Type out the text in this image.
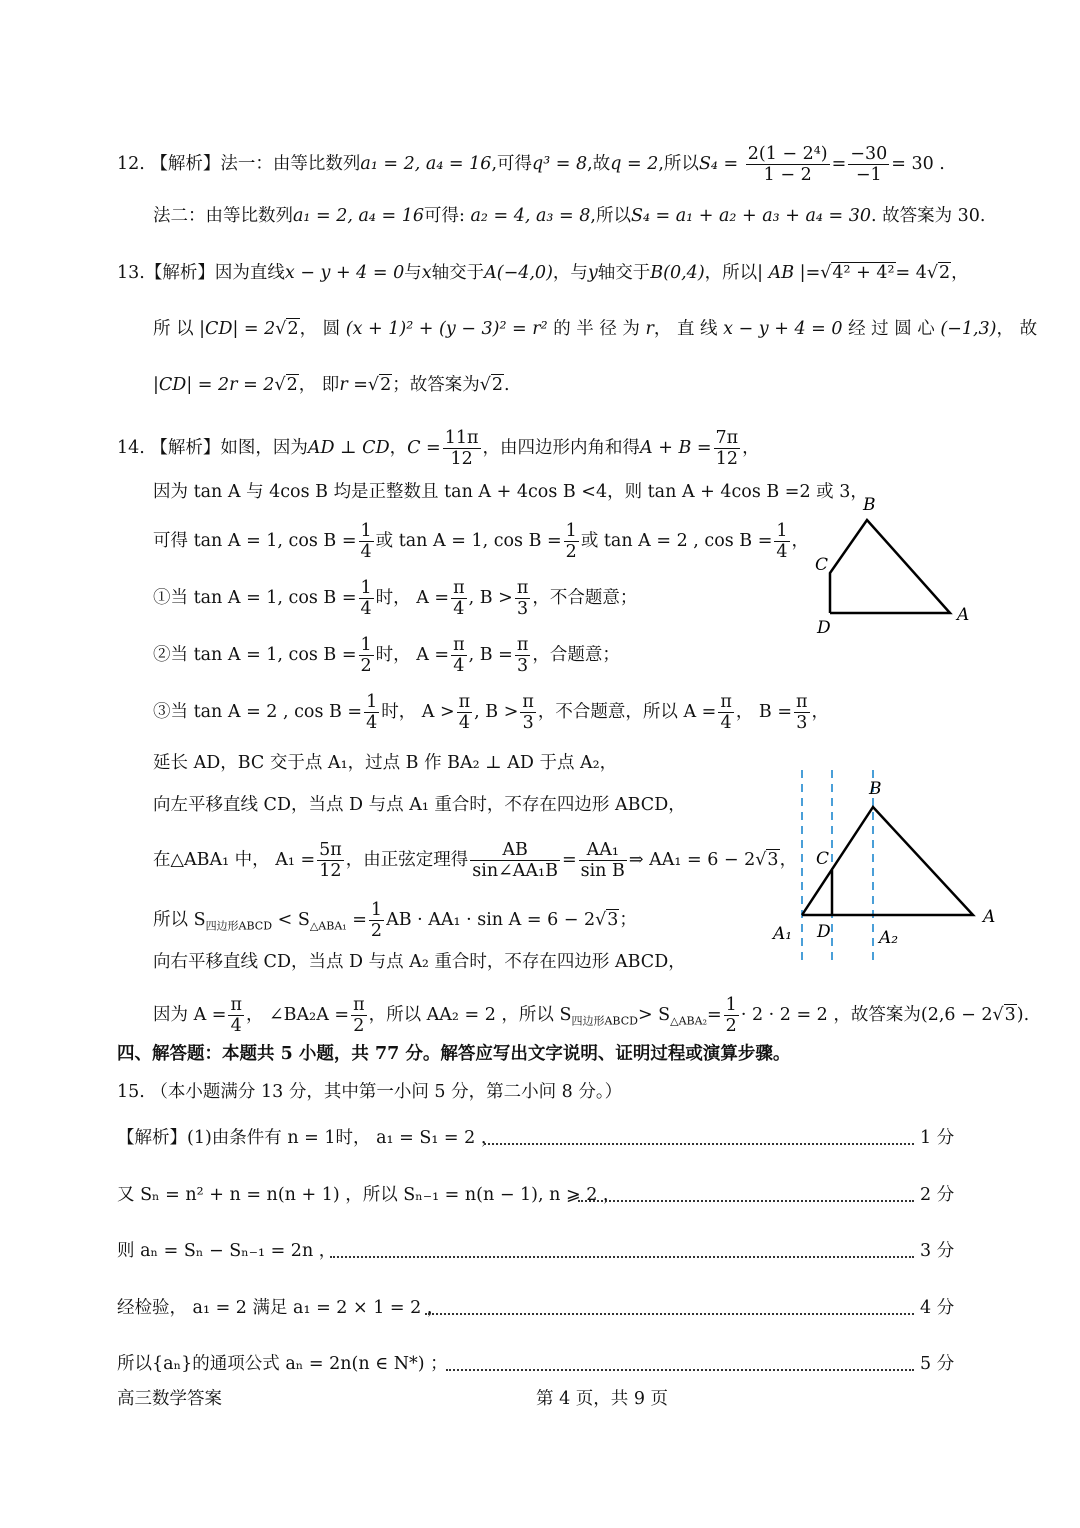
12. 【解析】法一：由等比数列a₁ = 2, a₄ = 16,可得q³ = 8,故q = 2,所以$S_4 = \frac{\text{2(1 − 2⁴)}}{1 - 2} = \frac{-30}{-1} = 30$ .
法二：由等比数列a₁ = 2, a₄ = 16可得: a₂ = 4, a₃ = 8,所以S₄ = a₁ + a₂ + a₃ + a₄ = 30. 故答案为 30.
13.【解析】因为直线x − y + 4 = 0与x轴交于A(−4,0)，与y轴交于B(0,4)，所以| AB |=√4² + 4²= 4√2，
所 以 |CD| = 2√2， 圆 (x + 1)² + (y − 3)² = r² 的 半 径 为 r， 直 线 x − y + 4 = 0 经 过 圆 心 (−1,3)， 故
|CD| = 2r = 2√2， 即r =√2；故答案为√2.
14. 【解析】如图，因为AD ⊥ CD，$C = \frac{11\pi}{12}$ ，由四边形内角和得$A + B = \frac{7\pi}{12}$ ，
因为 tan A 与 4cos B 均是正整数且 tan A + 4cos B <4，则 tan A + 4cos B =2 或 3，
可得 tan A = 1, $\cos B = \frac{1}{4}$ 或 tan A = 1, $\cos B = \frac{1}{2}$ 或 tan A = 2 , $\cos B = \frac{1}{4}$ ，
①当 tan A = 1, $\cos B = \frac{1}{4}$ 时， $A = \frac{\pi}{4}$ , $B > \frac{\pi}{3}$ ，不合题意；
②当 tan A = 1, $\cos B = \frac{1}{2}$ 时， $A = \frac{\pi}{4}$ , $B = \frac{\pi}{3}$ ，合题意；
③当 tan A = 2 , $\cos B = \frac{1}{4}$ 时， $A > \frac{\pi}{4}$ , $B > \frac{\pi}{3}$ ，不合题意，所以 $A = \frac{\pi}{4}$ ， $B = \frac{\pi}{3}$ ，
延长 AD，BC 交于点 A₁，过点 B 作 BA₂ ⊥ AD 于点 A₂，
向左平移直线 CD，当点 D 与点 A₁ 重合时，不存在四边形 ABCD，
在△ABA₁ 中， $A_1 = \frac{5\pi}{12}$ ，由正弦定理得 $\frac{AB}{\text{sin∠AA₁B}} = \frac{\text{AA₁}}{\text{sin B}}$ ⇒ AA₁ = 6 − 2√3，
所以 $S_{四边形ABCD} < S_{\triangle ABA_1} = \frac{1}{2}$ AB · AA₁ · sin A = 6 − 2√3；
向右平移直线 CD，当点 D 与点 A₂ 重合时，不存在四边形 ABCD，
因为 $A = \frac{\pi}{4}$ ， ∠BA₂A = $\frac{\pi}{2}$ ，所以 AA₂ = 2 ，所以 $S_{四边形ABCD}> S_{\triangle ABA_2}= \frac{1}{2} \cdot 2 \cdot 2 = 2$ ，故答案为(2,6 − 2√3).
B
C
D
A
B
C
A
A₁ D	A₂
四、解答题：本题共 5 小题，共 77 分。解答应写出文字说明、证明过程或演算步骤。
15. （本小题满分 13 分，其中第一小问 5 分，第二小问 8 分。）
【解析】(1)由条件有 n = 1时， a₁ = S₁ = 2 ，	1 分
又 Sₙ = n² + n = n(n + 1) ，所以 Sₙ₋₁ = n(n − 1), n ⩾ 2 ，	2 分
则 aₙ = Sₙ − Sₙ₋₁ = 2n ，	3 分
经检验， a₁ = 2 满足 a₁ = 2 × 1 = 2 ，	4 分
所以{aₙ}的通项公式 aₙ = 2n(n ∈ N*) ；	5 分
高三数学答案	第 4 页，共 9 页
